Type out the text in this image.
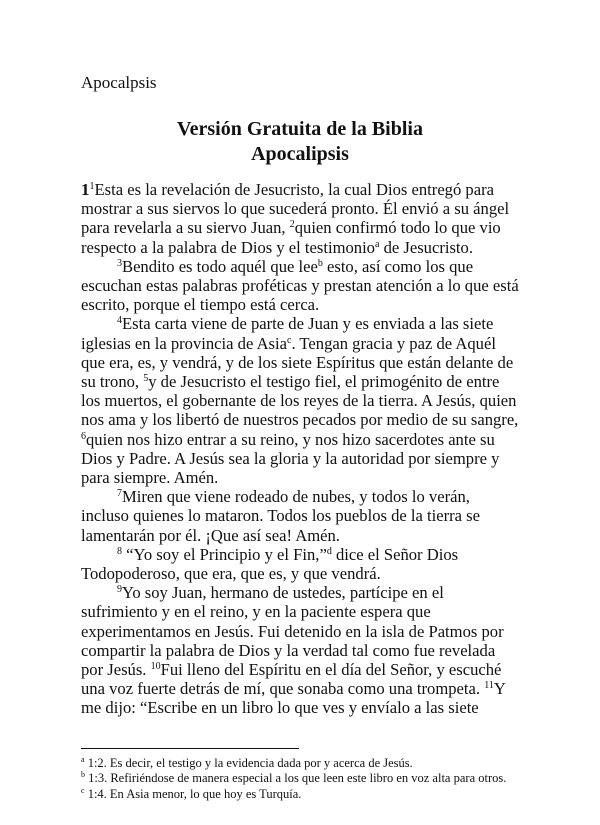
Apocalpsis
Versión Gratuita de la Biblia
Apocalipsis

$1^1Esta$ es la revelación de Jesucristo, la cual Dios entregó para mostrar a sus siervos lo que sucederá pronto. Él envió a su ángel para revelarla a su siervo Juan, $^2$quien confirmó todo lo que vio respecto a la palabra de Dios y el testimonio$^a$ de Jesucristo.

$^3$Bendito es todo aquél que lee$^b$ esto, así como los que escuchan estas palabras proféticas y prestan atención a lo que está escrito, porque el tiempo está cerca.

$^4$Esta carta viene de parte de Juan y es enviada a las siete iglesias en la provincia de Asia$^c$. Tengan gracia y paz de Aquél que era, es, y vendrá, y de los siete Espíritus que están delante de su trono, $^5$y de Jesucristo el testigo fiel, el primogénito de entre los muertos, el gobernante de los reyes de la tierra. A Jesús, quien nos ama y los libertó de nuestros pecados por medio de su sangre, $^6$quien nos hizo entrar a su reino, y nos hizo sacerdotes ante su Dios y Padre. A Jesús sea la gloria y la autoridad por siempre y para siempre. Amén.

$^7$Miren que viene rodeado de nubes, y todos lo verán, incluso quienes lo mataron. Todos los pueblos de la tierra se lamentarán por él. ¡Que así sea! Amén.

$^8$ “Yo soy el Principio y el Fin,”$^d$ dice el Señor Dios Todopoderoso, que era, que es, y que vendrá.

$^9$Yo soy Juan, hermano de ustedes, partícipe en el sufrimiento y en el reino, y en la paciente espera que experimentamos en Jesús. Fui detenido en la isla de Patmos por compartir la palabra de Dios y la verdad tal como fue revelada por Jesús. $^{10}$Fui lleno del Espíritu en el día del Señor, y escuché una voz fuerte detrás de mí, que sonaba como una trompeta. $^{11}$Y me dijo: “Escribe en un libro lo que ves y envíalo a las siete

$^a$ 1:2. Es decir, el testigo y la evidencia dada por y acerca de Jesús.

$^b$ 1:3. Refiriéndose de manera especial a los que leen este libro en voz alta para otros.

$^c$ 1:4. En Asia menor, lo que hoy es Turquía.
